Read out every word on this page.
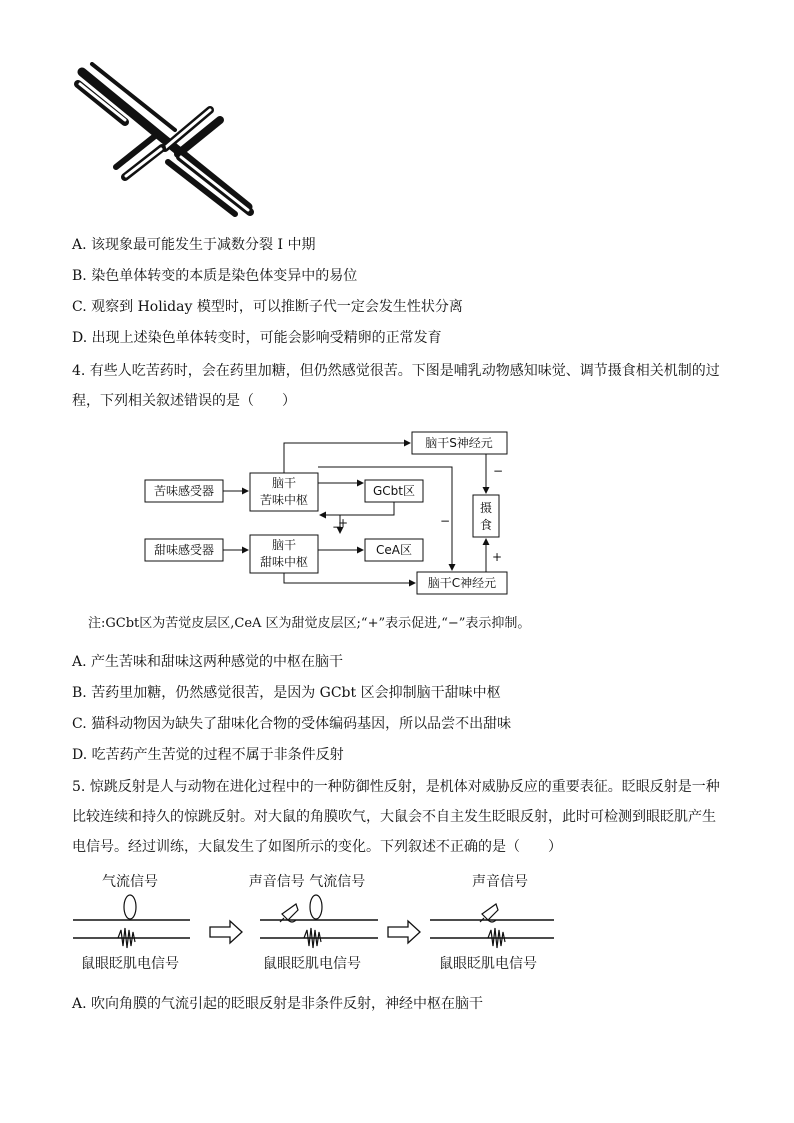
A. 该现象最可能发生于减数分裂 I 中期
B. 染色单体转变的本质是染色体变异中的易位
C. 观察到 Holiday 模型时，可以推断子代一定会发生性状分离
D. 出现上述染色单体转变时，可能会影响受精卵的正常发育
4. 有些人吃苦药时，会在药里加糖，但仍然感觉很苦。下图是哺乳动物感知味觉、调节摄食相关机制的过
程，下列相关叙述错误的是（　　）
苦味感受器
甜味感受器
脑干
苦味中枢
脑干
甜味中枢
GCbt区
CeA区
脑干S神经元
脑干C神经元
摄
食
+
−	−
−
+
注:GCbt区为苦觉皮层区,CeA 区为甜觉皮层区;“+”表示促进,“−”表示抑制。
A. 产生苦味和甜味这两种感觉的中枢在脑干
B. 苦药里加糖，仍然感觉很苦，是因为 GCbt 区会抑制脑干甜味中枢
C. 猫科动物因为缺失了甜味化合物的受体编码基因，所以品尝不出甜味
D. 吃苦药产生苦觉的过程不属于非条件反射
5. 惊跳反射是人与动物在进化过程中的一种防御性反射，是机体对威胁反应的重要表征。眨眼反射是一种
比较连续和持久的惊跳反射。对大鼠的角膜吹气，大鼠会不自主发生眨眼反射，此时可检测到眼眨肌产生
电信号。经过训练，大鼠发生了如图所示的变化。下列叙述不正确的是（　　）
气流信号
鼠眼眨肌电信号
声音信号 气流信号
鼠眼眨肌电信号
声音信号
鼠眼眨肌电信号
A. 吹向角膜的气流引起的眨眼反射是非条件反射，神经中枢在脑干
